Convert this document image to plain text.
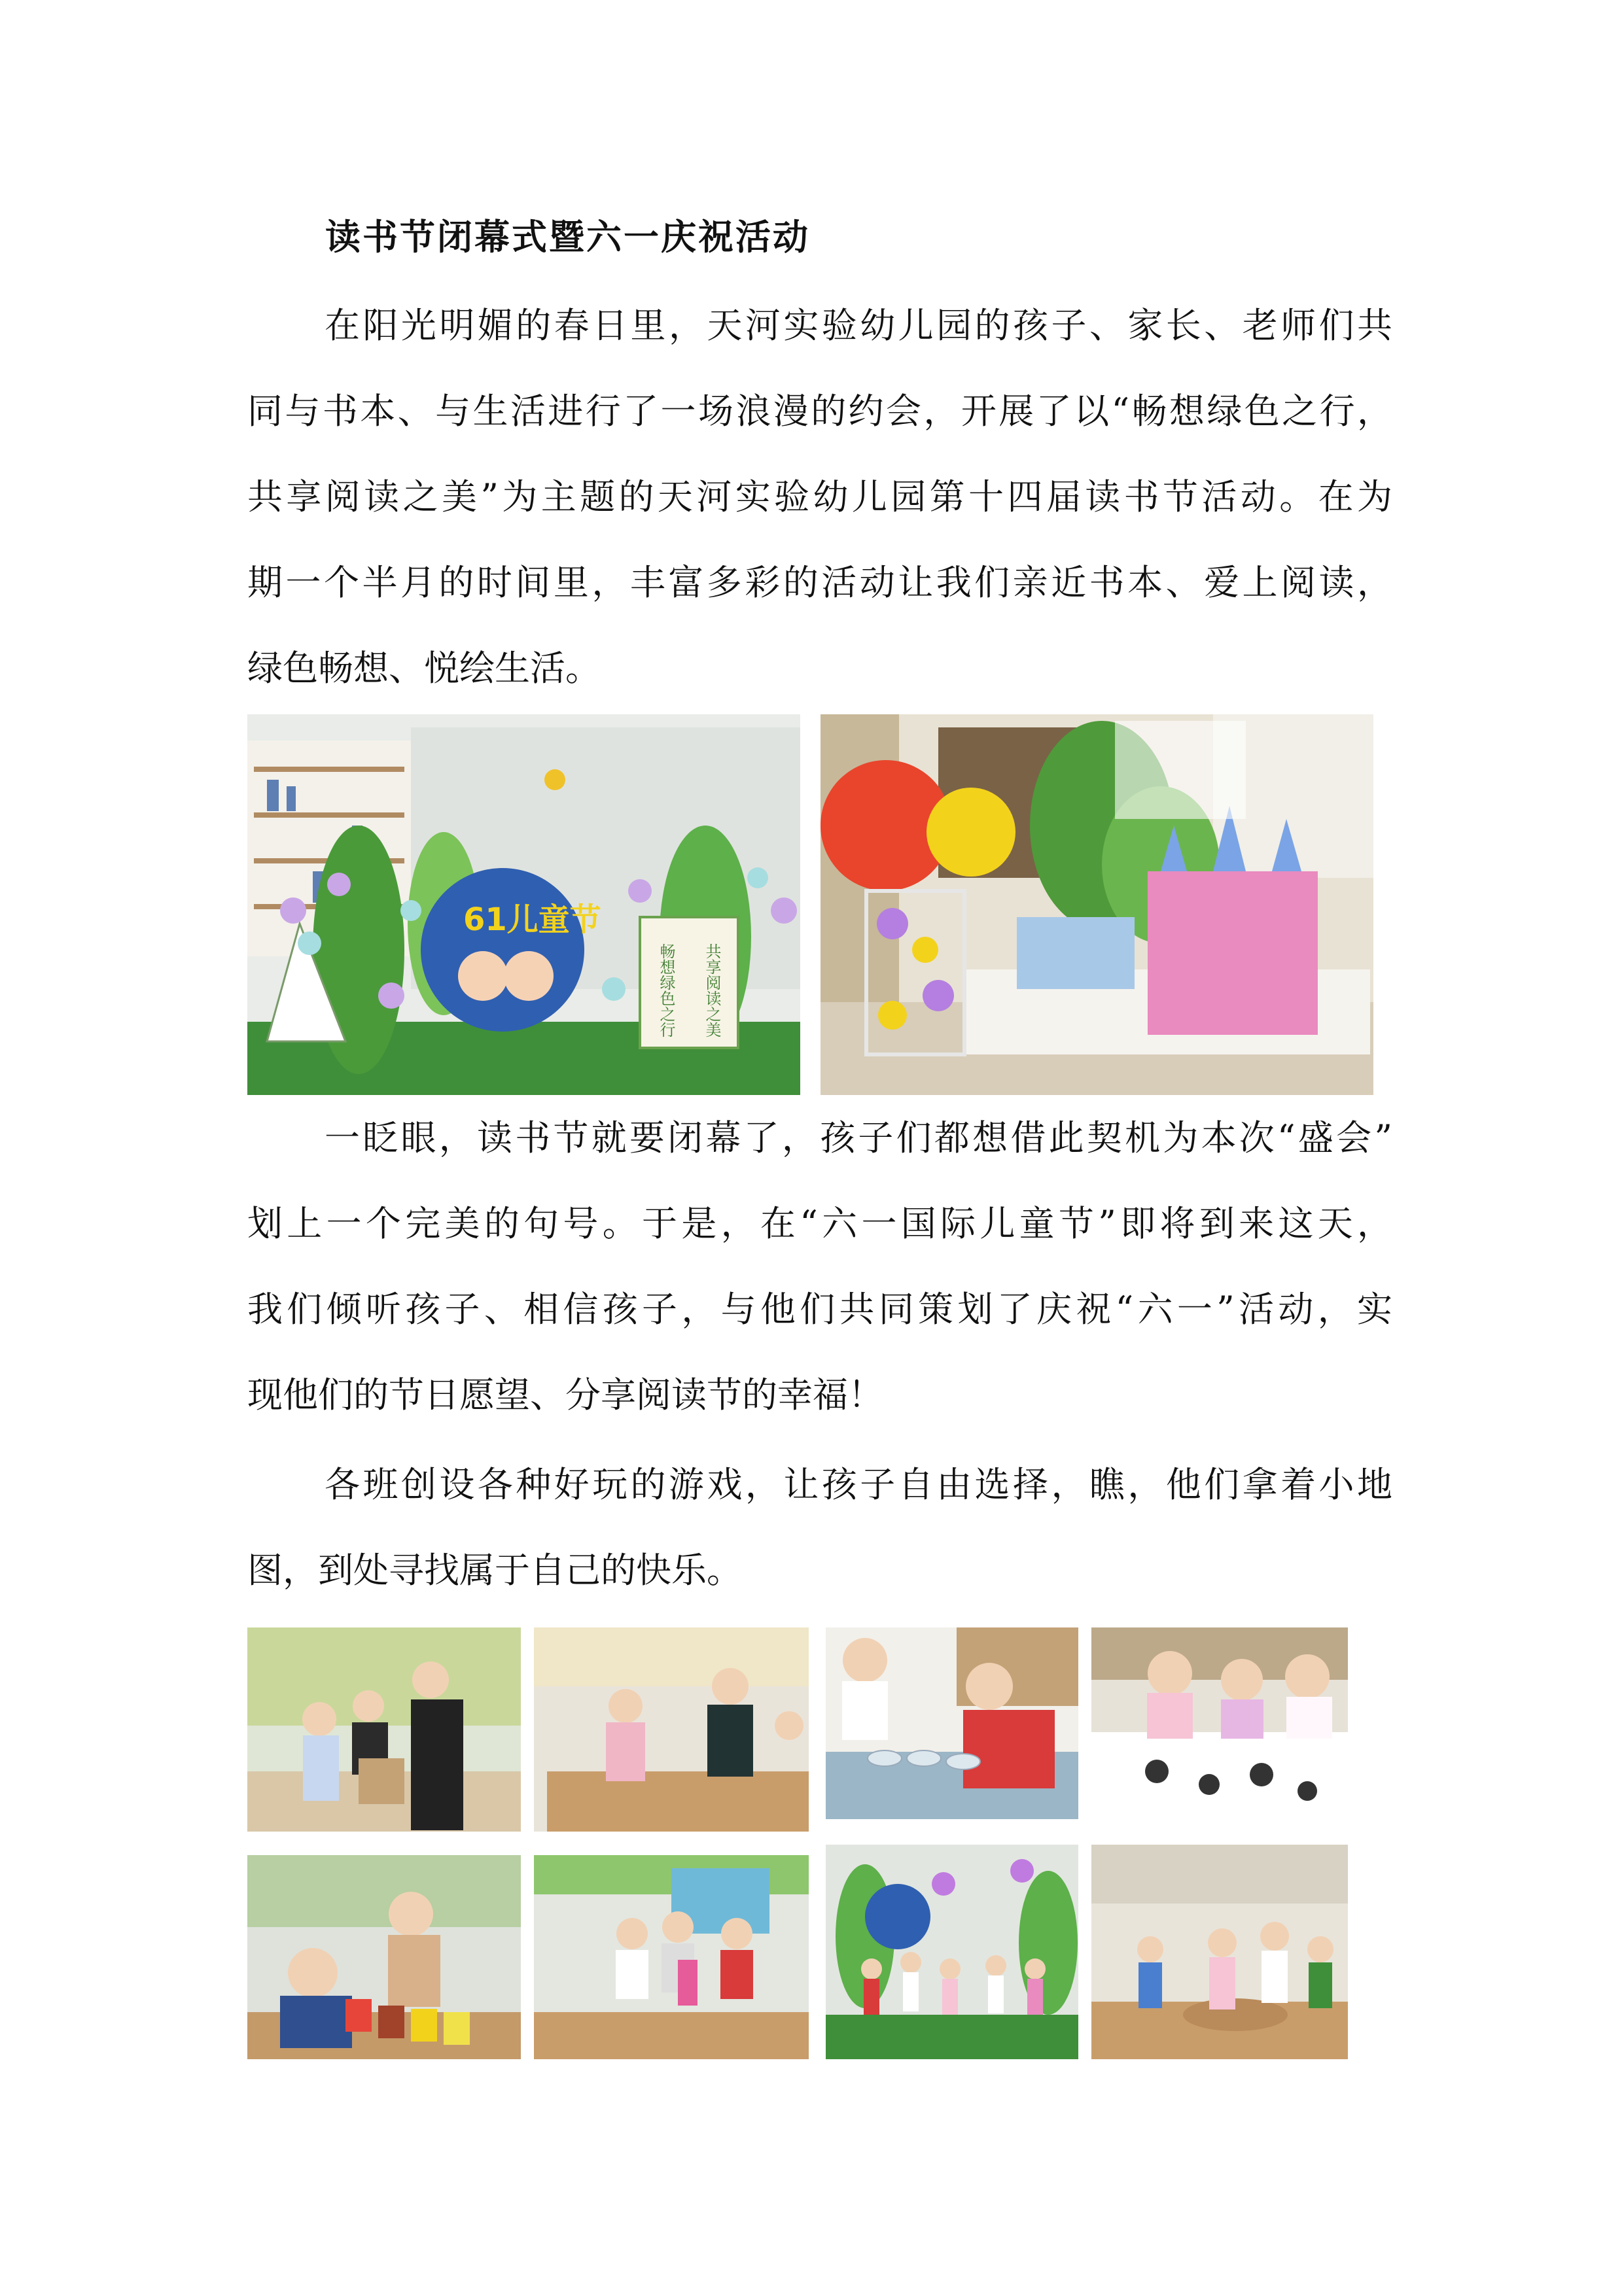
读书节闭幕式暨六一庆祝活动
在阳光明媚的春日里，天河实验幼儿园的孩子、家长、老师们共
同与书本、与生活进行了一场浪漫的约会，开展了以“畅想绿色之行，
共享阅读之美”为主题的天河实验幼儿园第十四届读书节活动。在为
期一个半月的时间里，丰富多彩的活动让我们亲近书本、爱上阅读，
绿色畅想、悦绘生活。
61儿童节
畅想绿色之行 共享阅读之美
一眨眼，读书节就要闭幕了，孩子们都想借此契机为本次“盛会”
划上一个完美的句号。于是，在“六一国际儿童节”即将到来这天，
我们倾听孩子、相信孩子，与他们共同策划了庆祝“六一”活动，实
现他们的节日愿望、分享阅读节的幸福！
各班创设各种好玩的游戏，让孩子自由选择，瞧，他们拿着小地
图，到处寻找属于自己的快乐。
